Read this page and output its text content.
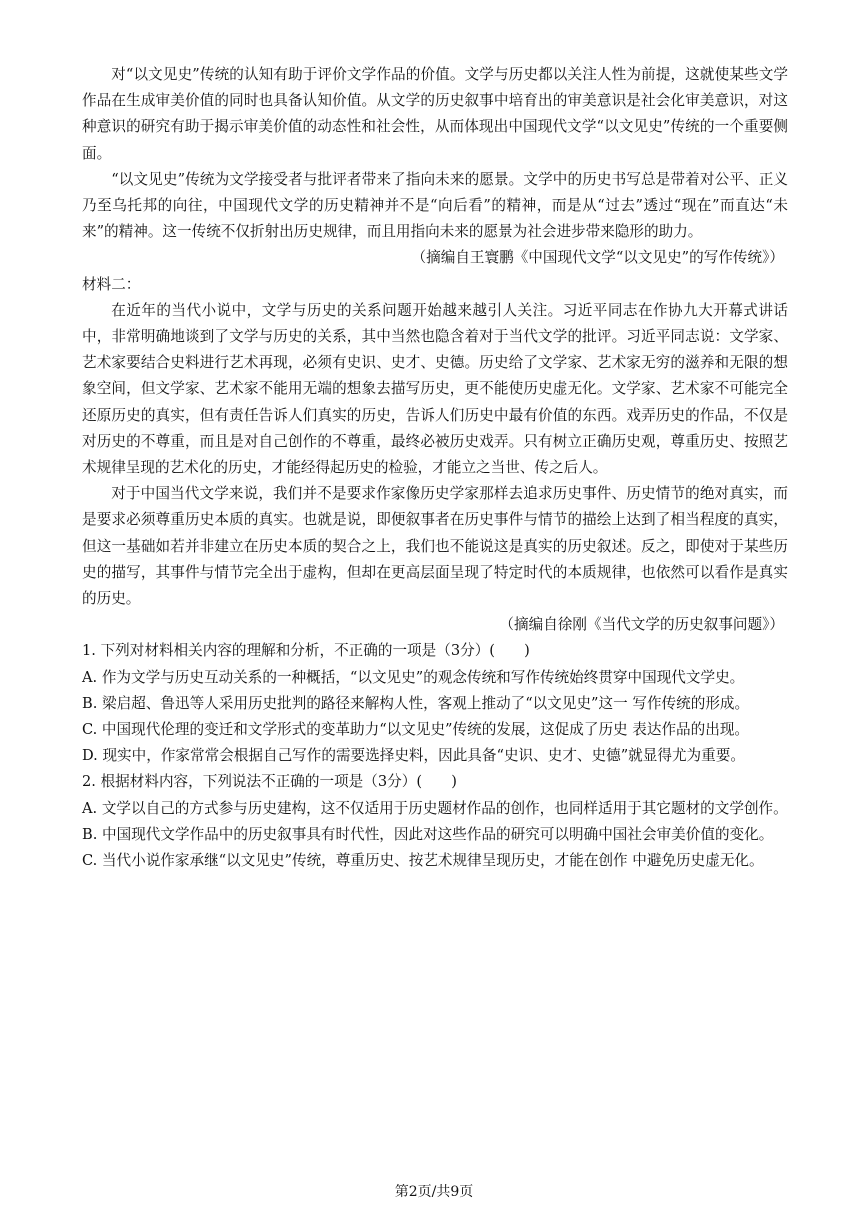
对“以文见史”传统的认知有助于评价文学作品的价值。文学与历史都以关注人性为前提，这就使某些文学作品在生成审美价值的同时也具备认知价值。从文学的历史叙事中培育出的审美意识是社会化审美意识，对这种意识的研究有助于揭示审美价值的动态性和社会性，从而体现出中国现代文学“以文见史”传统的一个重要侧面。

“以文见史”传统为文学接受者与批评者带来了指向未来的愿景。文学中的历史书写总是带着对公平、正义乃至乌托邦的向往，中国现代文学的历史精神并不是“向后看”的精神，而是从“过去”透过“现在”而直达“未来”的精神。这一传统不仅折射出历史规律，而且用指向未来的愿景为社会进步带来隐形的助力。

（摘编自王寰鹏《中国现代文学“以文见史”的写作传统》）

材料二：

在近年的当代小说中，文学与历史的关系问题开始越来越引人关注。习近平同志在作协九大开幕式讲话中，非常明确地谈到了文学与历史的关系，其中当然也隐含着对于当代文学的批评。习近平同志说：文学家、艺术家要结合史料进行艺术再现，必须有史识、史才、史德。历史给了文学家、艺术家无穷的滋养和无限的想象空间，但文学家、艺术家不能用无端的想象去描写历史，更不能使历史虚无化。文学家、艺术家不可能完全还原历史的真实，但有责任告诉人们真实的历史，告诉人们历史中最有价值的东西。戏弄历史的作品，不仅是对历史的不尊重，而且是对自己创作的不尊重，最终必被历史戏弄。只有树立正确历史观，尊重历史、按照艺术规律呈现的艺术化的历史，才能经得起历史的检验，才能立之当世、传之后人。

对于中国当代文学来说，我们并不是要求作家像历史学家那样去追求历史事件、历史情节的绝对真实，而是要求必须尊重历史本质的真实。也就是说，即便叙事者在历史事件与情节的描绘上达到了相当程度的真实，但这一基础如若并非建立在历史本质的契合之上，我们也不能说这是真实的历史叙述。反之，即使对于某些历史的描写，其事件与情节完全出于虚构，但却在更高层面呈现了特定时代的本质规律，也依然可以看作是真实的历史。

（摘编自徐刚《当代文学的历史叙事问题》）

1. 下列对材料相关内容的理解和分析，不正确的一项是（3分）(　　)

A. 作为文学与历史互动关系的一种概括，“以文见史”的观念传统和写作传统始终贯穿中国现代文学史。

B. 梁启超、鲁迅等人采用历史批判的路径来解构人性，客观上推动了“以文见史”这一 写作传统的形成。

C. 中国现代伦理的变迁和文学形式的变革助力“以文见史”传统的发展，这促成了历史 表达作品的出现。

D. 现实中，作家常常会根据自己写作的需要选择史料，因此具备“史识、史才、史德”就显得尤为重要。

2. 根据材料内容，下列说法不正确的一项是（3分）(　　)

A. 文学以自己的方式参与历史建构，这不仅适用于历史题材作品的创作，也同样适用于其它题材的文学创作。

B. 中国现代文学作品中的历史叙事具有时代性，因此对这些作品的研究可以明确中国社会审美价值的变化。

C. 当代小说作家承继“以文见史”传统，尊重历史、按艺术规律呈现历史，才能在创作 中避免历史虚无化。

第2页/共9页
